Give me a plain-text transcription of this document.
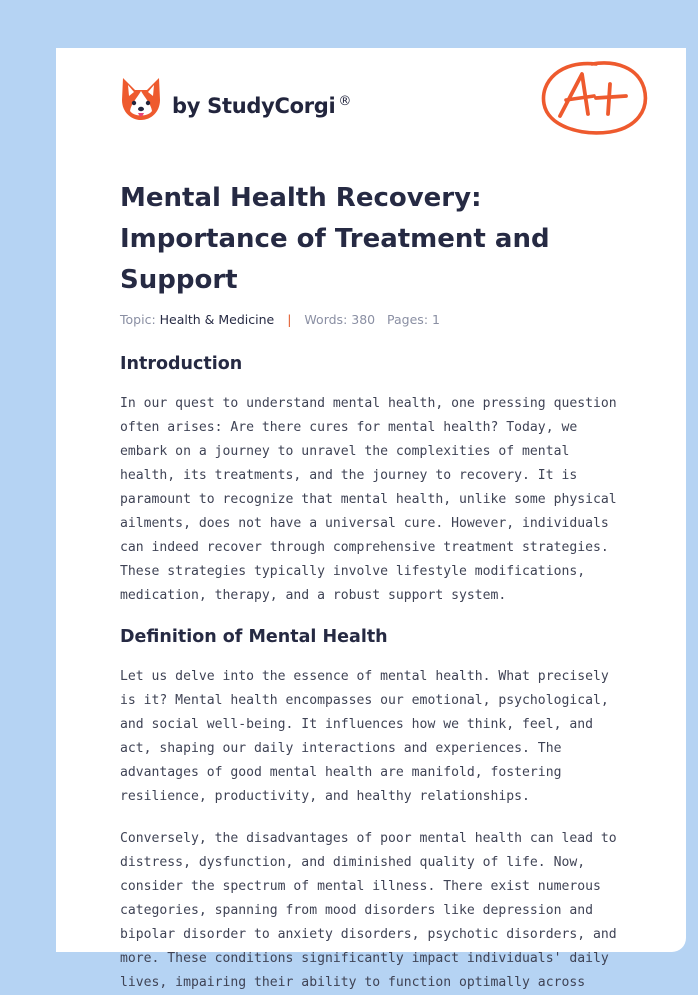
by StudyCorgi ®
Mental Health Recovery: Importance of Treatment and Support
Topic: Health & Medicine | Words: 380 Pages: 1
Introduction

In our quest to understand mental health, one pressing question often arises: Are there cures for mental health? Today, we embark on a journey to unravel the complexities of mental health, its treatments, and the journey to recovery. It is paramount to recognize that mental health, unlike some physical ailments, does not have a universal cure. However, individuals can indeed recover through comprehensive treatment strategies. These strategies typically involve lifestyle modifications, medication, therapy, and a robust support system.

Definition of Mental Health

Let us delve into the essence of mental health. What precisely is it? Mental health encompasses our emotional, psychological, and social well-being. It influences how we think, feel, and act, shaping our daily interactions and experiences. The advantages of good mental health are manifold, fostering resilience, productivity, and healthy relationships.

Conversely, the disadvantages of poor mental health can lead to distress, dysfunction, and diminished quality of life. Now, consider the spectrum of mental illness. There exist numerous categories, spanning from mood disorders like depression and bipolar disorder to anxiety disorders, psychotic disorders, and more. These conditions significantly impact individuals' daily lives, impairing their ability to function optimally across
